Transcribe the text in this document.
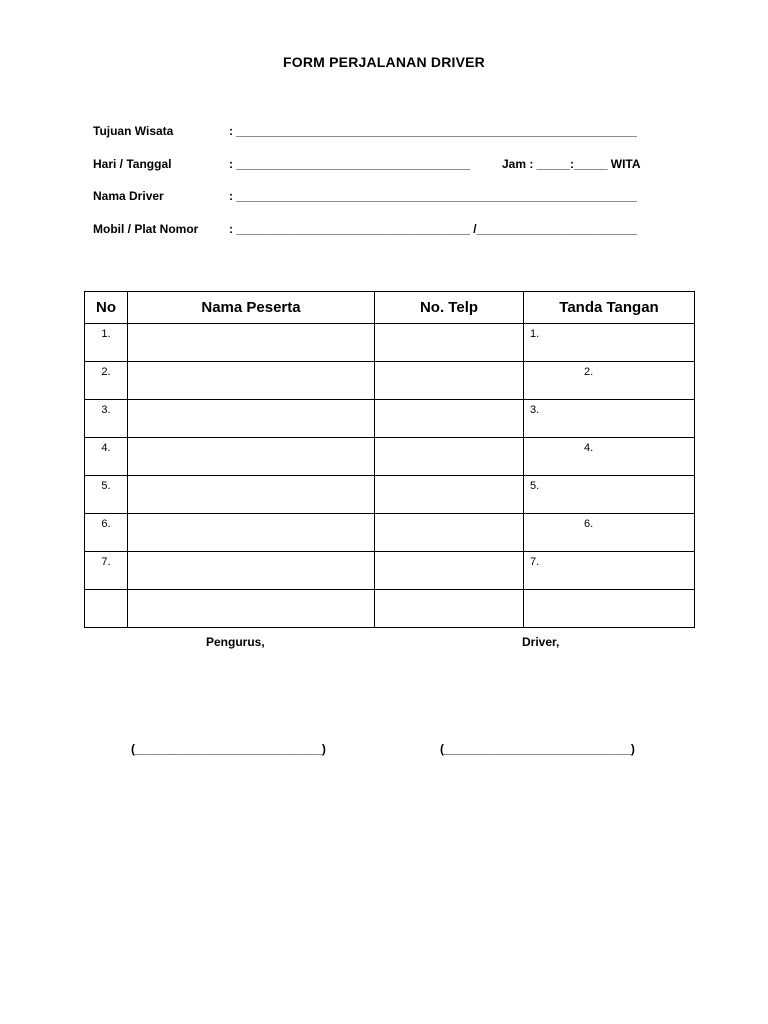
FORM PERJALANAN DRIVER
Tujuan Wisata	: ____________________________________________________________
Hari / Tanggal	: ___________________________________	Jam : _____:_____ WITA
Nama Driver	: ____________________________________________________________
Mobil / Plat Nomor	: ___________________________________ /________________________
No	Nama Peserta	No. Telp	Tanda Tangan
1.			1.
2.			2.
3.			3.
4.			4.
5.			5.
6.			6.
7.			7.

Pengurus,	Driver,
(____________________________)	(____________________________)
